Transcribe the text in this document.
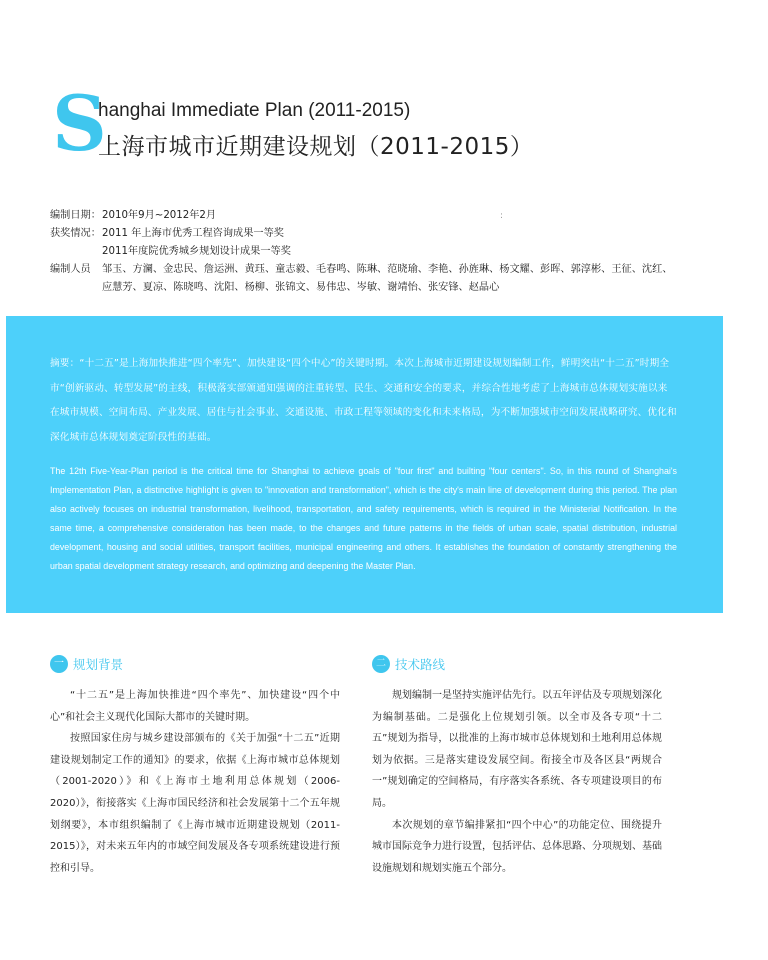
S
hanghai Immediate Plan (2011-2015)
上海市城市近期建设规划（2011-2015）
编制日期： 2010年9月~2012年2月
获奖情况： 2011 年上海市优秀工程咨询成果一等奖
2011年度院优秀城乡规划设计成果一等奖
编制人员	邹玉、方澜、金忠民、詹运洲、黄珏、童志毅、毛春鸣、陈琳、范晓瑜、李艳、孙旌琳、杨文耀、彭晖、郭淳彬、王征、沈红、
应慧芳、夏凉、陈晓鸣、沈阳、杨柳、张锦文、易伟忠、岑敏、谢靖怡、张安锋、赵晶心
:
摘要：“十二五”是上海加快推进“四个率先”、加快建设“四个中心”的关键时期。本次上海城市近期建设规划编制工作，鲜明突出“十二五”时期全市“创新驱动、转型发展”的主线，积极落实部颁通知强调的注重转型、民生、交通和安全的要求，并综合性地考虑了上海城市总体规划实施以来在城市规模、空间布局、产业发展、居住与社会事业、交通设施、市政工程等领域的变化和未来格局，为不断加强城市空间发展战略研究、优化和深化城市总体规划奠定阶段性的基础。
The 12th Five-Year-Plan period is the critical time for Shanghai to achieve goals of "four first" and builting "four centers". So, in this round of Shanghai's Implementation Plan, a distinctive highlight is given to "innovation and transformation", which is the city's main line of development during this period. The plan also actively focuses on industrial transformation, livelihood, transportation, and safety requirements, which is required in the Ministerial Notification. In the same time, a comprehensive consideration has been made, to the changes and future patterns in the fields of urban scale, spatial distribution, industrial development, housing and social utilities, transport facilities, municipal engineering and others. It establishes the foundation of constantly strengthening the urban spatial development strategy research, and optimizing and deepening the Master Plan.
一 规划背景

“十二五”是上海加快推进“四个率先”、加快建设“四个中心”和社会主义现代化国际大都市的关键时期。

按照国家住房与城乡建设部颁布的《关于加强“十二五”近期建设规划制定工作的通知》的要求，依据《上海市城市总体规划（2001-2020）》和《上海市土地利用总体规划（2006-2020）》，衔接落实《上海市国民经济和社会发展第十二个五年规划纲要》，本市组织编制了《上海市城市近期建设规划（2011-2015）》，对未来五年内的市域空间发展及各专项系统建设进行预控和引导。

二 技术路线

规划编制一是坚持实施评估先行。以五年评估及专项规划深化为编制基础。二是强化上位规划引领。以全市及各专项“十二五”规划为指导，以批准的上海市城市总体规划和土地利用总体规划为依据。三是落实建设发展空间。衔接全市及各区县“两规合一”规划确定的空间格局，有序落实各系统、各专项建设项目的布局。

本次规划的章节编排紧扣“四个中心”的功能定位、围绕提升城市国际竞争力进行设置，包括评估、总体思路、分项规划、基础设施规划和规划实施五个部分。
